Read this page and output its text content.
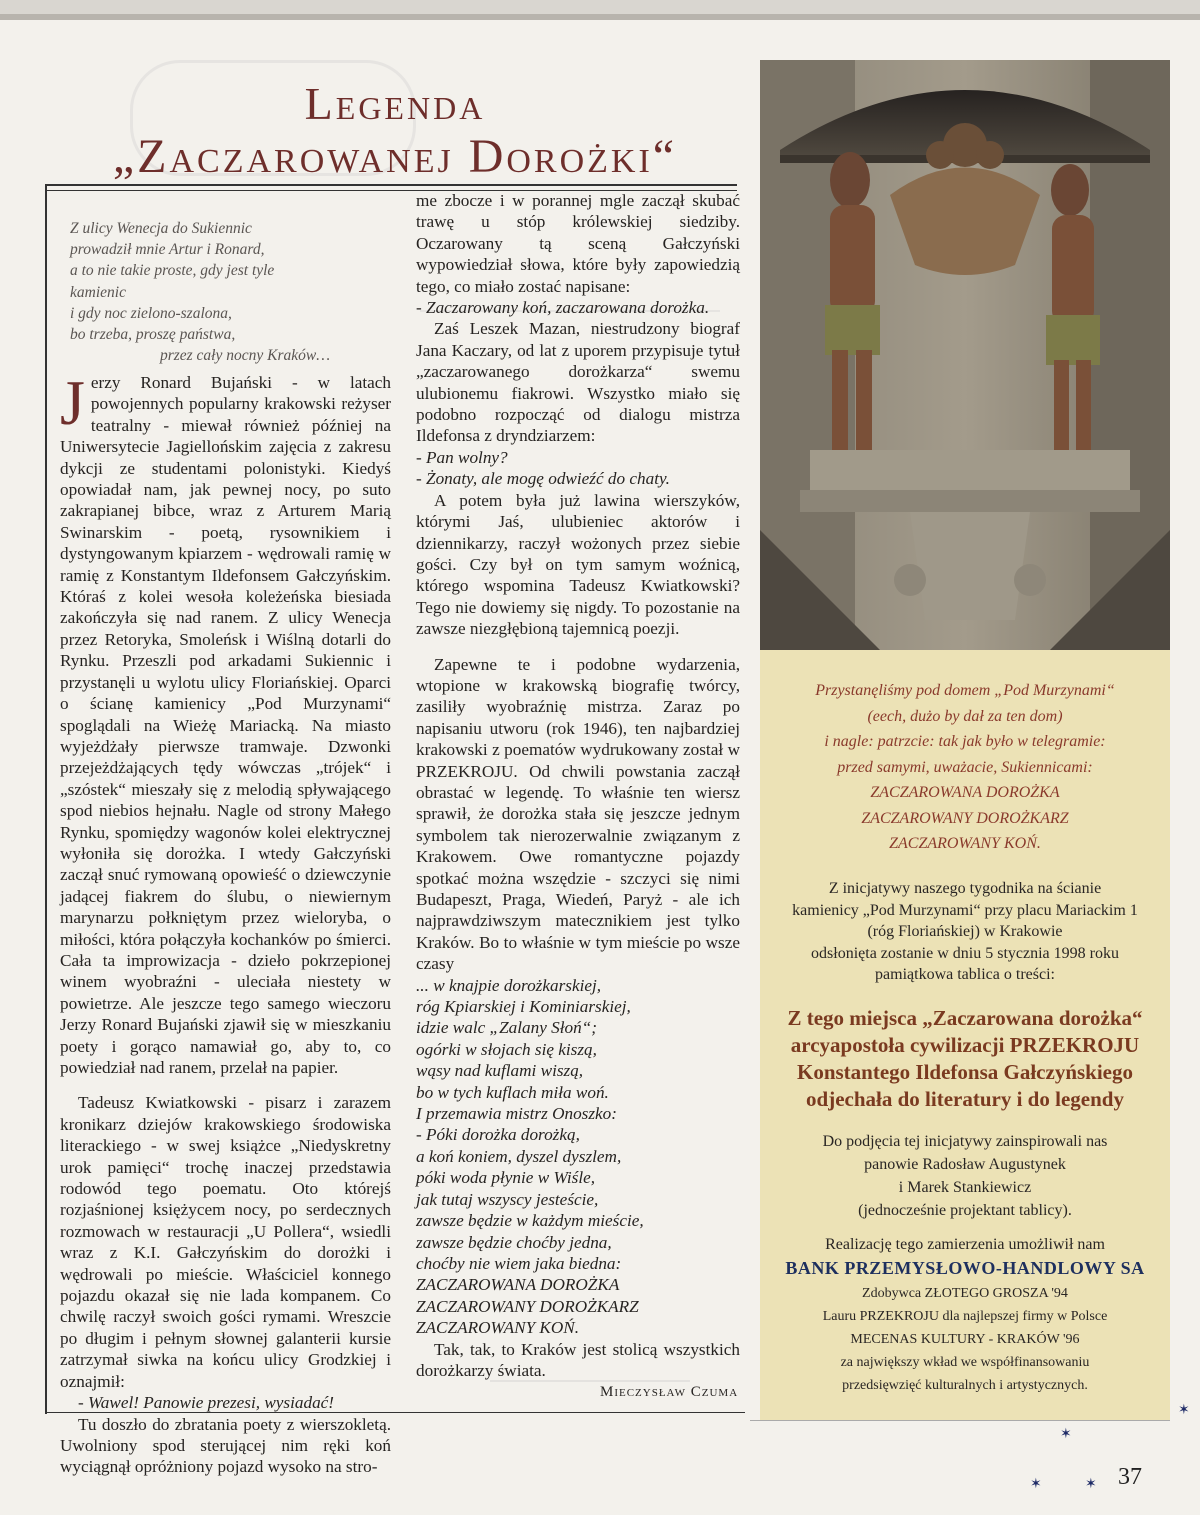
Legenda
„Zaczarowanej Dorożki“
Z ulicy Wenecja do Sukiennic
prowadził mnie Artur i Ronard,
a to nie takie proste, gdy jest tyle kamienic
i gdy noc zielono-szalona,
bo trzeba, proszę państwa,
przez cały nocny Kraków…

Jerzy Ronard Bujański - w latach powojennych popularny krakowski reżyser teatralny - miewał również później na Uniwersytecie Jagiellońskim zajęcia z zakresu dykcji ze studentami polonistyki. Kiedyś opowiadał nam, jak pewnej nocy, po suto zakrapianej bibce, wraz z Arturem Marią Swinarskim - poetą, rysownikiem i dystyngowanym kpiarzem - wędrowali ramię w ramię z Konstantym Ildefonsem Gałczyńskim. Któraś z kolei wesoła koleżeńska biesiada zakończyła się nad ranem. Z ulicy Wenecja przez Retoryka, Smoleńsk i Wiślną dotarli do Rynku. Przeszli pod arkadami Sukiennic i przystanęli u wylotu ulicy Floriańskiej. Oparci o ścianę kamienicy „Pod Murzynami“ spoglądali na Wieżę Mariacką. Na miasto wyjeżdżały pierwsze tramwaje. Dzwonki przejeżdżających tędy wówczas „trójek“ i „szóstek“ mieszały się z melodią spływającego spod niebios hejnału. Nagle od strony Małego Rynku, spomiędzy wagonów kolei elektrycznej wyłoniła się dorożka. I wtedy Gałczyński zaczął snuć rymowaną opowieść o dziewczynie jadącej fiakrem do ślubu, o niewiernym marynarzu połkniętym przez wieloryba, o miłości, która połączyła kochanków po śmierci. Cała ta improwizacja - dzieło pokrzepionej winem wyobraźni - uleciała niestety w powietrze. Ale jeszcze tego samego wieczoru Jerzy Ronard Bujański zjawił się w mieszkaniu poety i gorąco namawiał go, aby to, co powiedział nad ranem, przelał na papier.

Tadeusz Kwiatkowski - pisarz i zarazem kronikarz dziejów krakowskiego środowiska literackiego - w swej książce „Niedyskretny urok pamięci“ trochę inaczej przedstawia rodowód tego poematu. Oto którejś rozjaśnionej księżycem nocy, po serdecznych rozmowach w restauracji „U Pollera“, wsiedli wraz z K.I. Gałczyńskim do dorożki i wędrowali po mieście. Właściciel konnego pojazdu okazał się nie lada kompanem. Co chwilę raczył swoich gości rymami. Wreszcie po długim i pełnym słownej galanterii kursie zatrzymał siwka na końcu ulicy Grodzkiej i oznajmił:

- Wawel! Panowie prezesi, wysiadać!

Tu doszło do zbratania poety z wierszokletą. Uwolniony spod sterującej nim ręki koń wyciągnął opróżniony pojazd wysoko na stro-

me zbocze i w porannej mgle zaczął skubać trawę u stóp królewskiej siedziby. Oczarowany tą sceną Gałczyński wypowiedział słowa, które były zapowiedzią tego, co miało zostać napisane:

- Zaczarowany koń, zaczarowana dorożka.

Zaś Leszek Mazan, niestrudzony biograf Jana Kaczary, od lat z uporem przypisuje tytuł „zaczarowanego dorożkarza“ swemu ulubionemu fiakrowi. Wszystko miało się podobno rozpocząć od dialogu mistrza Ildefonsa z dryndziarzem:

- Pan wolny?

- Żonaty, ale mogę odwieźć do chaty.

A potem była już lawina wierszyków, którymi Jaś, ulubieniec aktorów i dziennikarzy, raczył wożonych przez siebie gości. Czy był on tym samym woźnicą, którego wspomina Tadeusz Kwiatkowski? Tego nie dowiemy się nigdy. To pozostanie na zawsze niezgłębioną tajemnicą poezji.

Zapewne te i podobne wydarzenia, wtopione w krakowską biografię twórcy, zasiliły wyobraźnię mistrza. Zaraz po napisaniu utworu (rok 1946), ten najbardziej krakowski z poematów wydrukowany został w PRZEKROJU. Od chwili powstania zaczął obrastać w legendę. To właśnie ten wiersz sprawił, że dorożka stała się jeszcze jednym symbolem tak nierozerwalnie związanym z Krakowem. Owe romantyczne pojazdy spotkać można wszędzie - szczyci się nimi Budapeszt, Praga, Wiedeń, Paryż - ale ich najprawdziwszym matecznikiem jest tylko Kraków. Bo to właśnie w tym mieście po wsze czasy

... w knajpie dorożkarskiej,
róg Kpiarskiej i Kominiarskiej,
idzie walc „Zalany Słoń“;
ogórki w słojach się kiszą,
wąsy nad kuflami wiszą,
bo w tych kuflach miła woń.
I przemawia mistrz Onoszko:
- Póki dorożka dorożką,
a koń koniem, dyszel dyszlem,
póki woda płynie w Wiśle,
jak tutaj wszyscy jesteście,
zawsze będzie w każdym mieście,
zawsze będzie choćby jedna,
choćby nie wiem jaka biedna:
ZACZAROWANA DOROŻKA
ZACZAROWANY DOROŻKARZ
ZACZAROWANY KOŃ.

Tak, tak, to Kraków jest stolicą wszystkich dorożkarzy świata.

Mieczysław Czuma
Przystanęliśmy pod domem „Pod Murzynami“
(eech, dużo by dał za ten dom)
i nagle: patrzcie: tak jak było w telegramie:
przed samymi, uważacie, Sukiennicami:
ZACZAROWANA DOROŻKA
ZACZAROWANY DOROŻKARZ
ZACZAROWANY KOŃ.
Z inicjatywy naszego tygodnika na ścianie
kamienicy „Pod Murzynami“ przy placu Mariackim 1
(róg Floriańskiej) w Krakowie
odsłonięta zostanie w dniu 5 stycznia 1998 roku
pamiątkowa tablica o treści:
Z tego miejsca „Zaczarowana dorożka“
arcyapostoła cywilizacji PRZEKROJU
Konstantego Ildefonsa Gałczyńskiego
odjechała do literatury i do legendy
Do podjęcia tej inicjatywy zainspirowali nas
panowie Radosław Augustynek
i Marek Stankiewicz
(jednocześnie projektant tablicy).
Realizację tego zamierzenia umożliwił nam
BANK PRZEMYSŁOWO-HANDLOWY SA
Zdobywca ZŁOTEGO GROSZA '94
Lauru PRZEKROJU dla najlepszej firmy w Polsce
MECENAS KULTURY - KRAKÓW '96
za największy wkład we współfinansowaniu
przedsięwzięć kulturalnych i artystycznych.
✶
✶	✶
✶
37
